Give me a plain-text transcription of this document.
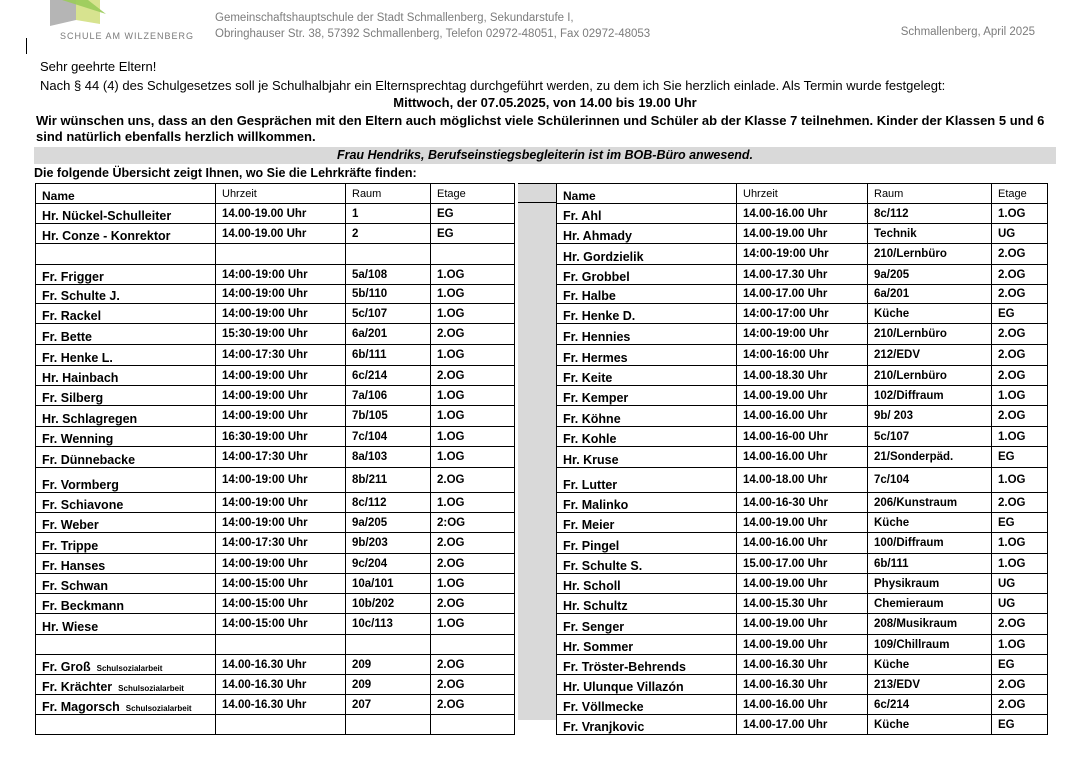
SCHULE AM WILZENBERG
Gemeinschaftshauptschule der Stadt Schmallenberg, Sekundarstufe I,
Obringhauser Str. 38, 57392 Schmallenberg, Telefon 02972-48051, Fax 02972-48053	Schmallenberg, April 2025
Sehr geehrte Eltern!
Nach § 44 (4) des Schulgesetzes soll je Schulhalbjahr ein Elternsprechtag durchgeführt werden, zu dem ich Sie herzlich einlade. Als Termin wurde festgelegt:
Mittwoch, der 07.05.2025, von 14.00 bis 19.00 Uhr
Wir wünschen uns, dass an den Gesprächen mit den Eltern auch möglichst viele Schülerinnen und Schüler ab der Klasse 7 teilnehmen. Kinder der Klassen 5 und 6 sind natürlich ebenfalls herzlich willkommen.
Frau Hendriks, Berufseinstiegsbegleiterin ist im BOB-Büro anwesend.
Die folgende Übersicht zeigt Ihnen, wo Sie die Lehrkräfte finden:
Name	Uhrzeit	Raum	Etage
Hr. Nückel-Schulleiter	14.00-19.00 Uhr	1	EG
Hr. Conze - Konrektor	14.00-19.00 Uhr	2	EG

Fr. Frigger	14:00-19:00 Uhr	5a/108	1.OG
Fr. Schulte J.	14:00-19:00 Uhr	5b/110	1.OG
Fr. Rackel	14:00-19:00 Uhr	5c/107	1.OG
Fr. Bette	15:30-19:00 Uhr	6a/201	2.OG
Fr. Henke L.	14:00-17:30 Uhr	6b/111	1.OG
Hr. Hainbach	14:00-19:00 Uhr	6c/214	2.OG
Fr. Silberg	14:00-19:00 Uhr	7a/106	1.OG
Hr. Schlagregen	14:00-19:00 Uhr	7b/105	1.OG
Fr. Wenning	16:30-19:00 Uhr	7c/104	1.OG
Fr. Dünnebacke	14:00-17:30 Uhr	8a/103	1.OG
Fr. Vormberg	14:00-19:00 Uhr	8b/211	2.OG
Fr. Schiavone	14:00-19:00 Uhr	8c/112	1.OG
Fr. Weber	14:00-19:00 Uhr	9a/205	2:OG
Fr. Trippe	14:00-17:30 Uhr	9b/203	2.OG
Fr. Hanses	14:00-19:00 Uhr	9c/204	2.OG
Fr. Schwan	14:00-15:00 Uhr	10a/101	1.OG
Fr. Beckmann	14:00-15:00 Uhr	10b/202	2.OG
Hr. Wiese	14:00-15:00 Uhr	10c/113	1.OG

Fr. Groß Schulsozialarbeit	14.00-16.30 Uhr	209	2.OG
Fr. Krächter Schulsozialarbeit	14.00-16.30 Uhr	209	2.OG
Fr. Magorsch Schulsozialarbeit	14.00-16.30 Uhr	207	2.OG

Name	Uhrzeit	Raum	Etage
Fr. Ahl	14.00-16.00 Uhr	8c/112	1.OG
Hr. Ahmady	14.00-19.00 Uhr	Technik	UG
Hr. Gordzielik	14:00-19:00 Uhr	210/Lernbüro	2.OG
Fr. Grobbel	14.00-17.30 Uhr	9a/205	2.OG
Fr. Halbe	14.00-17.00 Uhr	6a/201	2.OG
Fr. Henke D.	14:00-17:00 Uhr	Küche	EG
Fr. Hennies	14:00-19:00 Uhr	210/Lernbüro	2.OG
Fr. Hermes	14:00-16:00 Uhr	212/EDV	2.OG
Fr. Keite	14.00-18.30 Uhr	210/Lernbüro	2.OG
Fr. Kemper	14.00-19.00 Uhr	102/Diffraum	1.OG
Fr. Köhne	14.00-16.00 Uhr	9b/ 203	2.OG
Fr. Kohle	14.00-16-00 Uhr	5c/107	1.OG
Hr. Kruse	14.00-16.00 Uhr	21/Sonderpäd.	EG
Fr. Lutter	14.00-18.00 Uhr	7c/104	1.OG
Fr. Malinko	14.00-16-30 Uhr	206/Kunstraum	2.OG
Fr. Meier	14.00-19.00 Uhr	Küche	EG
Fr. Pingel	14.00-16.00 Uhr	100/Diffraum	1.OG
Fr. Schulte S.	15.00-17.00 Uhr	6b/111	1.OG
Hr. Scholl	14.00-19.00 Uhr	Physikraum	UG
Hr. Schultz	14.00-15.30 Uhr	Chemieraum	UG
Fr. Senger	14.00-19.00 Uhr	208/Musikraum	2.OG
Hr. Sommer	14.00-19.00 Uhr	109/Chillraum	1.OG
Fr. Tröster-Behrends	14.00-16.30 Uhr	Küche	EG
Hr. Ulunque Villazón	14.00-16.30 Uhr	213/EDV	2.OG
Fr. Völlmecke	14.00-16.00 Uhr	6c/214	2.OG
Fr. Vranjkovic	14.00-17.00 Uhr	Küche	EG
